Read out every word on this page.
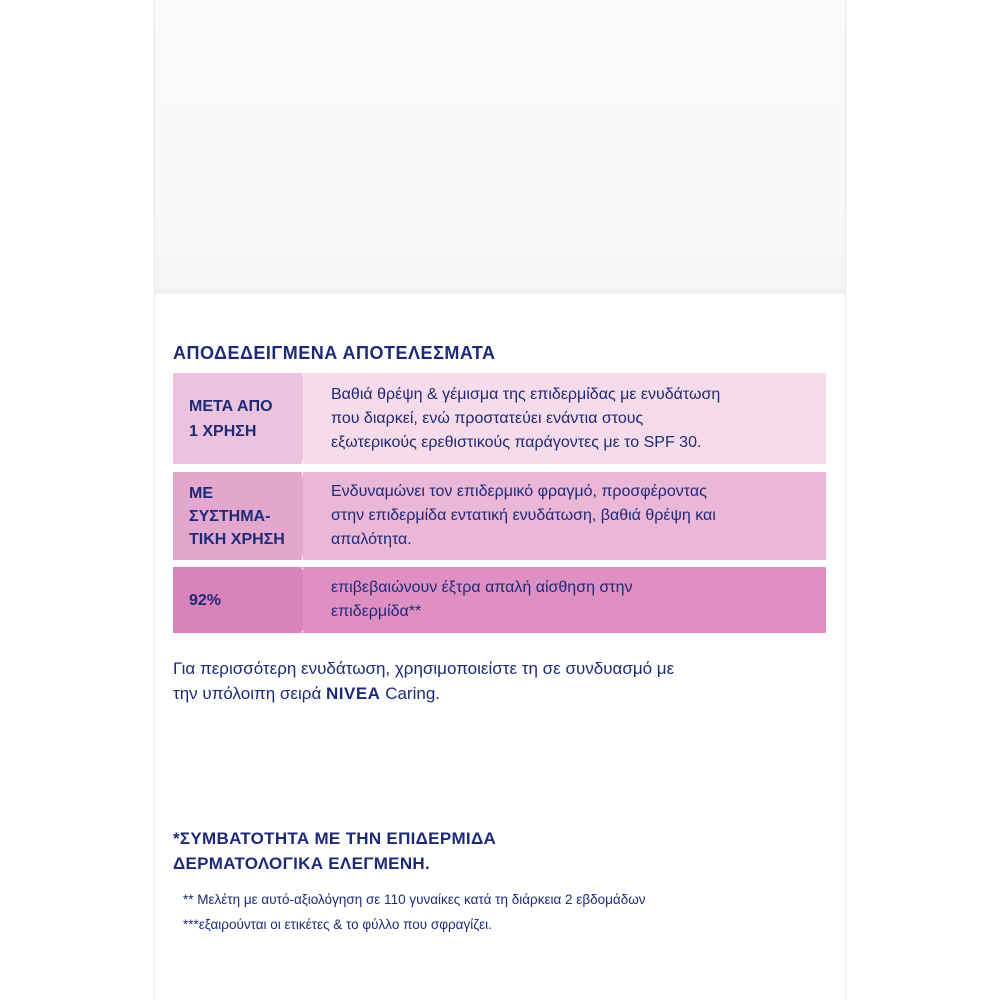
ΑΠΟΔΕΔΕΙΓΜΕΝΑ ΑΠΟΤΕΛΕΣΜΑΤΑ
ΜΕΤΑ ΑΠΟ
1 ΧΡΗΣΗ
Βαθιά θρέψη & γέμισμα της επιδερμίδας με ενυδάτωση
που διαρκεί, ενώ προστατεύει ενάντια στους
εξωτερικούς ερεθιστικούς παράγοντες με το SPF 30.
ΜΕ
ΣΥΣΤΗΜΑ-
ΤΙΚΗ ΧΡΗΣΗ
Ενδυναμώνει τον επιδερμικό φραγμό, προσφέροντας
στην επιδερμίδα εντατική ενυδάτωση, βαθιά θρέψη και
απαλότητα.
92%
επιβεβαιώνουν έξτρα απαλή αίσθηση στην
επιδερμίδα**
Για περισσότερη ενυδάτωση, χρησιμοποιείστε τη σε συνδυασμό με
την υπόλοιπη σειρά NIVEA Caring.
*ΣΥΜΒΑΤΟΤΗΤΑ ΜΕ ΤΗΝ ΕΠΙΔΕΡΜΙΔΑ
ΔΕΡΜΑΤΟΛΟΓΙΚΑ ΕΛΕΓΜΕΝΗ.
** Μελέτη με αυτό-αξιολόγηση σε 110 γυναίκες κατά τη διάρκεια 2 εβδομάδων
***εξαιρούνται οι ετικέτες & το φύλλο που σφραγίζει.
